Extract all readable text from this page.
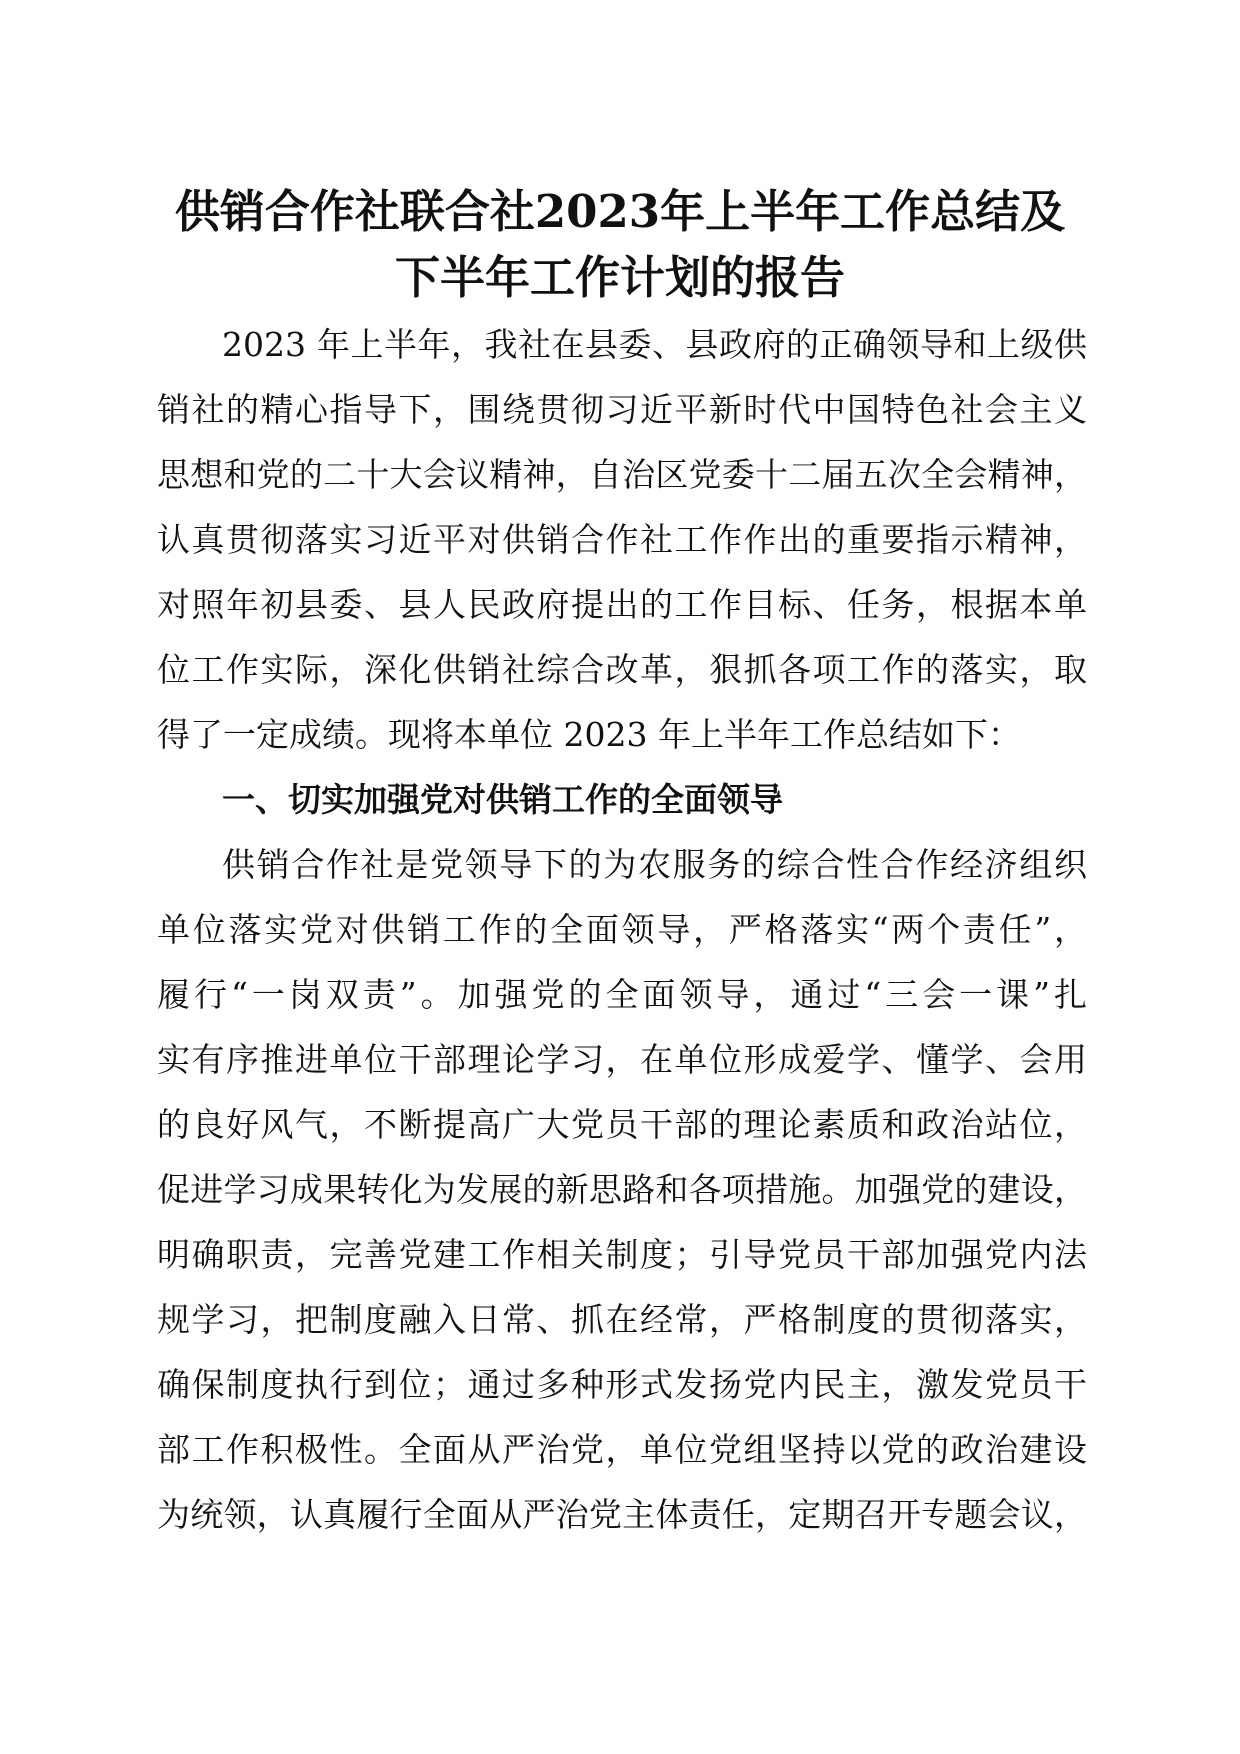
供销合作社联合社2023年上半年工作总结及
下半年工作计划的报告
2023 年上半年，我社在县委、县政府的正确领导和上级供
销社的精心指导下，围绕贯彻习近平新时代中国特色社会主义
思想和党的二十大会议精神，自治区党委十二届五次全会精神，
认真贯彻落实习近平对供销合作社工作作出的重要指示精神，
对照年初县委、县人民政府提出的工作目标、任务，根据本单
位工作实际，深化供销社综合改革，狠抓各项工作的落实，取
得了一定成绩。现将本单位 2023 年上半年工作总结如下：
一、切实加强党对供销工作的全面领导
供销合作社是党领导下的为农服务的综合性合作经济组织
单位落实党对供销工作的全面领导，严格落实“两个责任”，
履行“一岗双责”。加强党的全面领导，通过“三会一课”扎
实有序推进单位干部理论学习，在单位形成爱学、懂学、会用
的良好风气，不断提高广大党员干部的理论素质和政治站位，
促进学习成果转化为发展的新思路和各项措施。加强党的建设，
明确职责，完善党建工作相关制度；引导党员干部加强党内法
规学习，把制度融入日常、抓在经常，严格制度的贯彻落实，
确保制度执行到位；通过多种形式发扬党内民主，激发党员干
部工作积极性。全面从严治党，单位党组坚持以党的政治建设
为统领，认真履行全面从严治党主体责任，定期召开专题会议，
